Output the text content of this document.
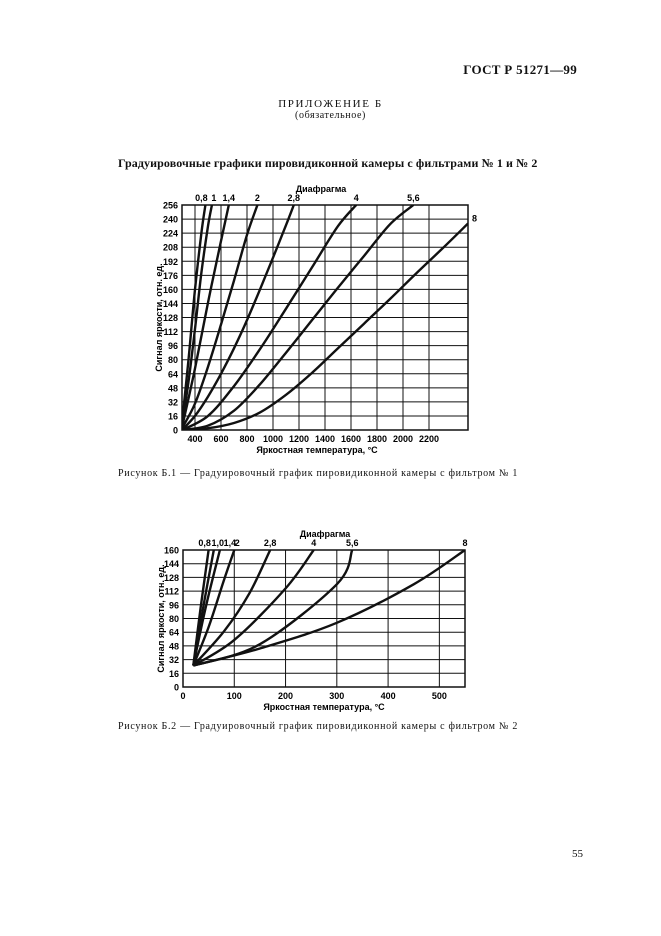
ГОСТ Р 51271—99
ПРИЛОЖЕНИЕ Б
(обязательное)
Градуировочные графики пировидиконной камеры с фильтрами № 1 и № 2
0
16
32
48
64
80
96
112
128
144
160
176
192
208
224
240
256
400 600 800 1000 1200 1400 1600 1800 2000 2200
0,8 1 1,4 2	2,8	4	5,6
8
Диафрагма
Яркостная температура, °С
Сигнал яркости, отн. ед.
Рисунок Б.1 — Градуировочный график пировидиконной камеры с фильтром № 1
0
16
32
48
64
80
96
112
128
144
160
0	100	200	300	400	500
0,8 1,0 1,4
2	2,8	4	5,6	8
Диафрагма
Яркостная температура, °С
Сигнал яркости, отн. ед.
Рисунок Б.2 — Градуировочный график пировидиконной камеры с фильтром № 2
55
